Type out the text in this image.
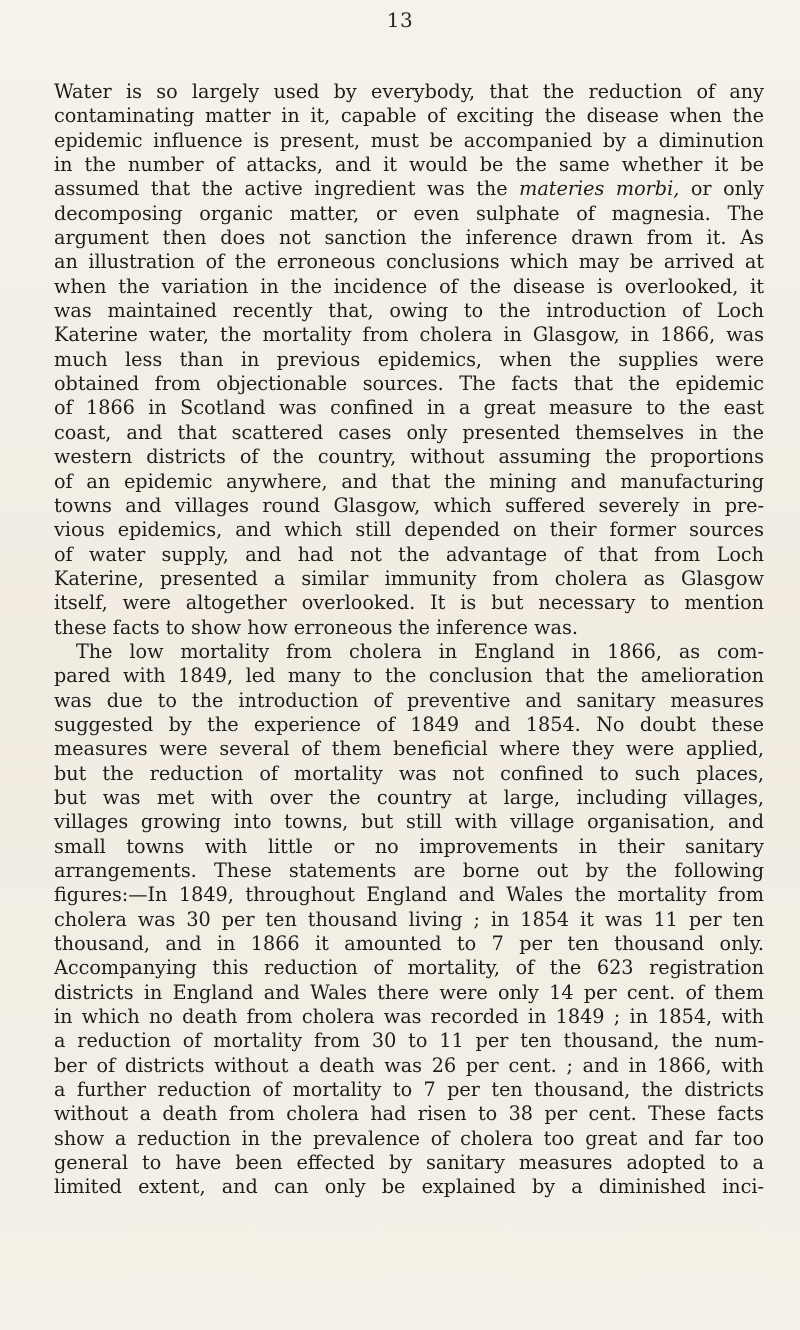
13
Water is so largely used by everybody, that the reduction of any
contaminating matter in it, capable of exciting the disease when the
epidemic influence is present, must be accompanied by a diminution
in the number of attacks, and it would be the same whether it be
assumed that the active ingredient was the materies morbi, or only
decomposing organic matter, or even sulphate of magnesia. The
argument then does not sanction the inference drawn from it. As
an illustration of the erroneous conclusions which may be arrived at
when the variation in the incidence of the disease is overlooked, it
was maintained recently that, owing to the introduction of Loch
Katerine water, the mortality from cholera in Glasgow, in 1866, was
much less than in previous epidemics, when the supplies were
obtained from objectionable sources. The facts that the epidemic
of 1866 in Scotland was confined in a great measure to the east
coast, and that scattered cases only presented themselves in the
western districts of the country, without assuming the proportions
of an epidemic anywhere, and that the mining and manufacturing
towns and villages round Glasgow, which suffered severely in pre-
vious epidemics, and which still depended on their former sources
of water supply, and had not the advantage of that from Loch
Katerine, presented a similar immunity from cholera as Glasgow
itself, were altogether overlooked. It is but necessary to mention
these facts to show how erroneous the inference was.
The low mortality from cholera in England in 1866, as com-
pared with 1849, led many to the conclusion that the amelioration
was due to the introduction of preventive and sanitary measures
suggested by the experience of 1849 and 1854. No doubt these
measures were several of them beneficial where they were applied,
but the reduction of mortality was not confined to such places,
but was met with over the country at large, including villages,
villages growing into towns, but still with village organisation, and
small towns with little or no improvements in their sanitary
arrangements. These statements are borne out by the following
figures:—In 1849, throughout England and Wales the mortality from
cholera was 30 per ten thousand living ; in 1854 it was 11 per ten
thousand, and in 1866 it amounted to 7 per ten thousand only.
Accompanying this reduction of mortality, of the 623 registration
districts in England and Wales there were only 14 per cent. of them
in which no death from cholera was recorded in 1849 ; in 1854, with
a reduction of mortality from 30 to 11 per ten thousand, the num-
ber of districts without a death was 26 per cent. ; and in 1866, with
a further reduction of mortality to 7 per ten thousand, the districts
without a death from cholera had risen to 38 per cent. These facts
show a reduction in the prevalence of cholera too great and far too
general to have been effected by sanitary measures adopted to a
limited extent, and can only be explained by a diminished inci-
